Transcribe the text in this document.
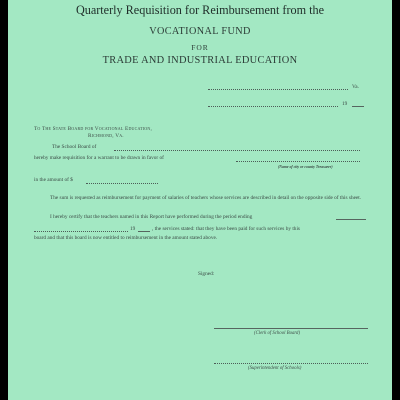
Quarterly Requisition for Reimbursement from the
VOCATIONAL FUND
FOR
TRADE AND INDUSTRIAL EDUCATION
Va.
19
To The State Board for Vocational Education,
Richmond, Va.
The School Board of
hereby make requisition for a warrant to be drawn in favor of
(Name of city or county Treasurer)
in the amount of $
The sum is requested as reimbursement for payment of salaries of teachers whose services are described in detail on the opposite side of this sheet.
I hereby certify that the teachers named in this Report have performed during the period ending
19	, the services stated: that they have been paid for such services by this
board and that this board is now entitled to reimbursement in the amount stated above.
Signed:
(Clerk of School Board)
(Superintendent of Schools)
